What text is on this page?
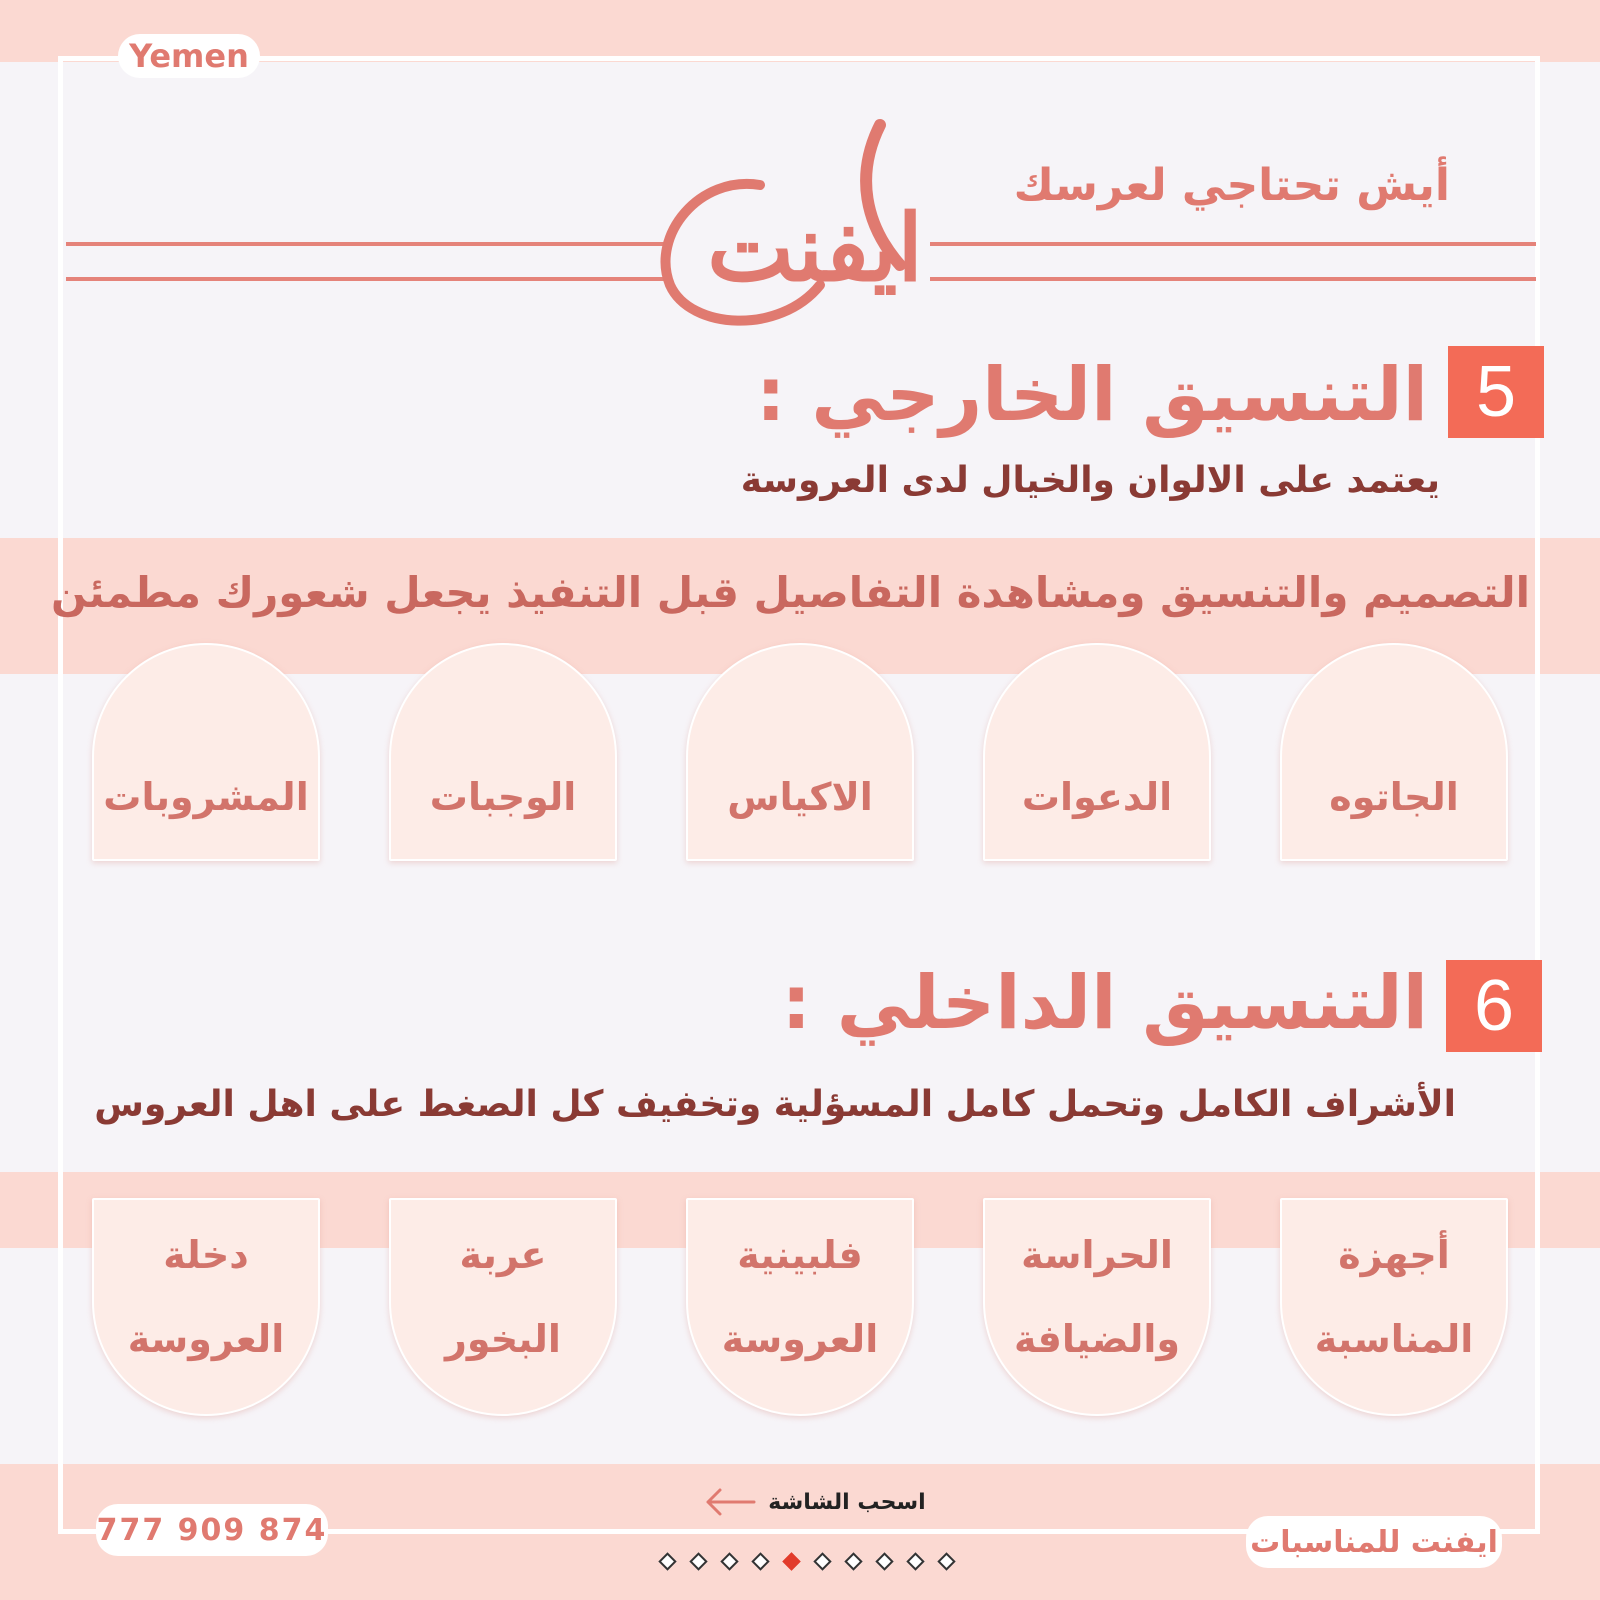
Yemen
أيش تحتاجي لعرسك
ايفنت
5
التنسيق الخارجي :
يعتمد على الالوان والخيال لدى العروسة
التصميم والتنسيق ومشاهدة التفاصيل قبل التنفيذ يجعل شعورك مطمئن
الجاتوه
الدعوات
الاكياس
الوجبات
المشروبات
6
التنسيق الداخلي :
الأشراف الكامل وتحمل كامل المسؤلية وتخفيف كل الصغط على اهل العروس
أجهزة
المناسبة
الحراسة
والضيافة
فلبينية
العروسة
عربة
البخور
دخلة
العروسة
اسحب الشاشة
777 909 874	ايفنت للمناسبات
